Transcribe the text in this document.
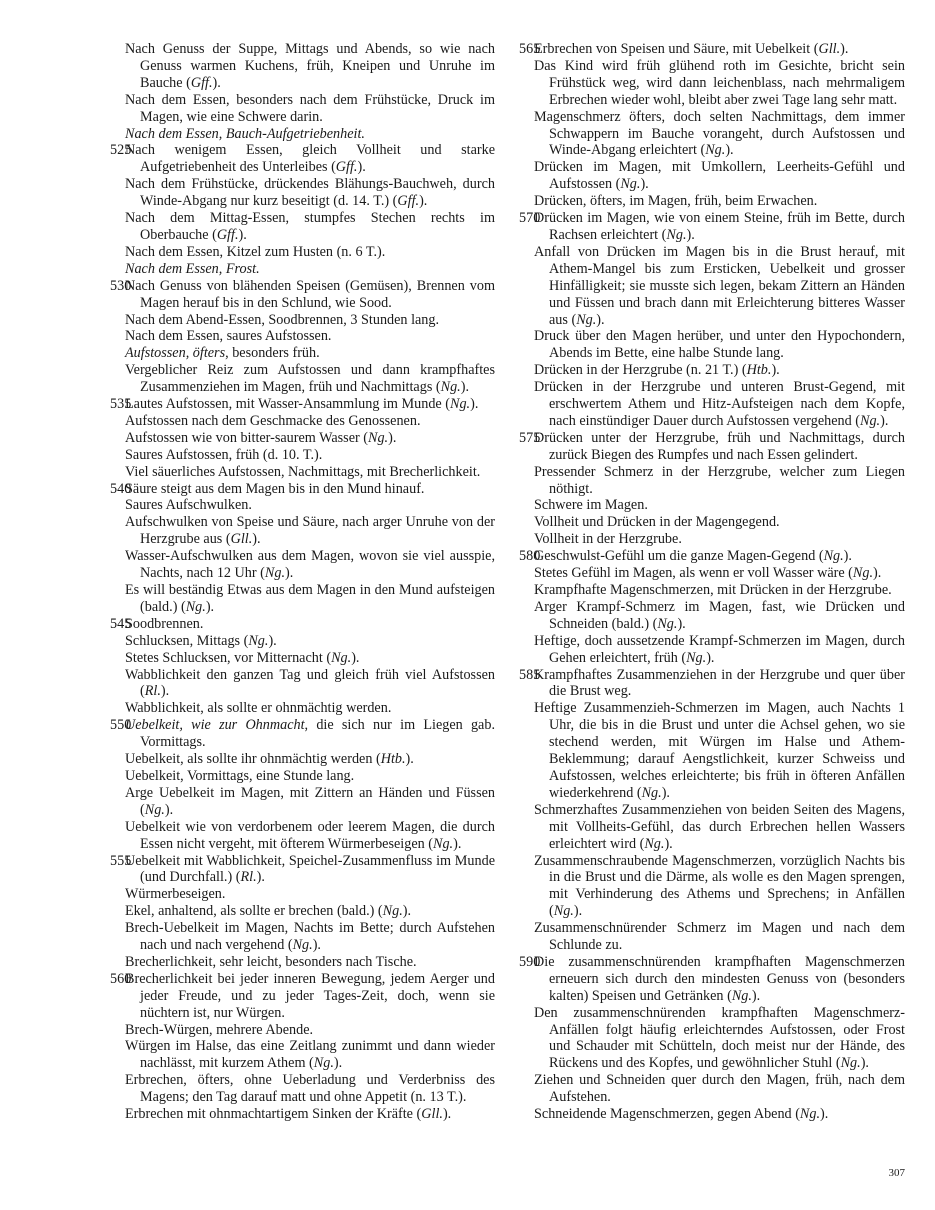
Nach Genuss der Suppe, Mittags und Abends, so wie nach Genuss warmen Kuchens, früh, Kneipen und Unruhe im Bauche (Gff.).
Nach dem Essen, besonders nach dem Frühstücke, Druck im Magen, wie eine Schwere darin.
Nach dem Essen, Bauch-Aufgetriebenheit.
525
Nach wenigem Essen, gleich Vollheit und starke Aufgetriebenheit des Unterleibes (Gff.).
Nach dem Frühstücke, drückendes Blähungs-Bauchweh, durch Winde-Abgang nur kurz beseitigt (d. 14. T.) (Gff.).
Nach dem Mittag-Essen, stumpfes Stechen rechts im Oberbauche (Gff.).
Nach dem Essen, Kitzel zum Husten (n. 6 T.).
Nach dem Essen, Frost.
530
Nach Genuss von blähenden Speisen (Gemüsen), Brennen vom Magen herauf bis in den Schlund, wie Sood.
Nach dem Abend-Essen, Soodbrennen, 3 Stunden lang.
Nach dem Essen, saures Aufstossen.
Aufstossen, öfters, besonders früh.
Vergeblicher Reiz zum Aufstossen und dann krampfhaftes Zusammenziehen im Magen, früh und Nachmittags (Ng.).
535
Lautes Aufstossen, mit Wasser-Ansammlung im Munde (Ng.).
Aufstossen nach dem Geschmacke des Genossenen.
Aufstossen wie von bitter-saurem Wasser (Ng.).
Saures Aufstossen, früh (d. 10. T.).
Viel säuerliches Aufstossen, Nachmittags, mit Brecherlichkeit.
540
Säure steigt aus dem Magen bis in den Mund hinauf.
Saures Aufschwulken.
Aufschwulken von Speise und Säure, nach arger Unruhe von der Herzgrube aus (Gll.).
Wasser-Aufschwulken aus dem Magen, wovon sie viel ausspie, Nachts, nach 12 Uhr (Ng.).
Es will beständig Etwas aus dem Magen in den Mund aufsteigen (bald.) (Ng.).
545
Soodbrennen.
Schlucksen, Mittags (Ng.).
Stetes Schlucksen, vor Mitternacht (Ng.).
Wabblichkeit den ganzen Tag und gleich früh viel Aufstossen (Rl.).
Wabblichkeit, als sollte er ohnmächtig werden.
550
Uebelkeit, wie zur Ohnmacht, die sich nur im Liegen gab. Vormittags.
Uebelkeit, als sollte ihr ohnmächtig werden (Htb.).
Uebelkeit, Vormittags, eine Stunde lang.
Arge Uebelkeit im Magen, mit Zittern an Händen und Füssen (Ng.).
Uebelkeit wie von verdorbenem oder leerem Magen, die durch Essen nicht vergeht, mit öfterem Würmerbeseigen (Ng.).
555
Uebelkeit mit Wabblichkeit, Speichel-Zusammenfluss im Munde (und Durchfall.) (Rl.).
Würmerbeseigen.
Ekel, anhaltend, als sollte er brechen (bald.) (Ng.).
Brech-Uebelkeit im Magen, Nachts im Bette; durch Aufstehen nach und nach vergehend (Ng.).
Brecherlichkeit, sehr leicht, besonders nach Tische.
560
Brecherlichkeit bei jeder inneren Bewegung, jedem Aerger und jeder Freude, und zu jeder Tages-Zeit, doch, wenn sie nüchtern ist, nur Würgen.
Brech-Würgen, mehrere Abende.
Würgen im Halse, das eine Zeitlang zunimmt und dann wieder nachlässt, mit kurzem Athem (Ng.).
Erbrechen, öfters, ohne Ueberladung und Verderbniss des Magens; den Tag darauf matt und ohne Appetit (n. 13 T.).
Erbrechen mit ohnmachtartigem Sinken der Kräfte (Gll.).
565
Erbrechen von Speisen und Säure, mit Uebelkeit (Gll.).
Das Kind wird früh glühend roth im Gesichte, bricht sein Frühstück weg, wird dann leichenblass, nach mehrmaligem Erbrechen wieder wohl, bleibt aber zwei Tage lang sehr matt.
Magenschmerz öfters, doch selten Nachmittags, dem immer Schwappern im Bauche vorangeht, durch Aufstossen und Winde-Abgang erleichtert (Ng.).
Drücken im Magen, mit Umkollern, Leerheits-Gefühl und Aufstossen (Ng.).
Drücken, öfters, im Magen, früh, beim Erwachen.
570
Drücken im Magen, wie von einem Steine, früh im Bette, durch Rachsen erleichtert (Ng.).
Anfall von Drücken im Magen bis in die Brust herauf, mit Athem-Mangel bis zum Ersticken, Uebelkeit und grosser Hinfälligkeit; sie musste sich legen, bekam Zittern an Händen und Füssen und brach dann mit Erleichterung bitteres Wasser aus (Ng.).
Druck über den Magen herüber, und unter den Hypochondern, Abends im Bette, eine halbe Stunde lang.
Drücken in der Herzgrube (n. 21 T.) (Htb.).
Drücken in der Herzgrube und unteren Brust-Gegend, mit erschwertem Athem und Hitz-Aufsteigen nach dem Kopfe, nach einstündiger Dauer durch Aufstossen vergehend (Ng.).
575
Drücken unter der Herzgrube, früh und Nachmittags, durch zurück Biegen des Rumpfes und nach Essen gelindert.
Pressender Schmerz in der Herzgrube, welcher zum Liegen nöthigt.
Schwere im Magen.
Vollheit und Drücken in der Magengegend.
Vollheit in der Herzgrube.
580
Geschwulst-Gefühl um die ganze Magen-Gegend (Ng.).
Stetes Gefühl im Magen, als wenn er voll Wasser wäre (Ng.).
Krampfhafte Magenschmerzen, mit Drücken in der Herzgrube.
Arger Krampf-Schmerz im Magen, fast, wie Drücken und Schneiden (bald.) (Ng.).
Heftige, doch aussetzende Krampf-Schmerzen im Magen, durch Gehen erleichtert, früh (Ng.).
585
Krampfhaftes Zusammenziehen in der Herzgrube und quer über die Brust weg.
Heftige Zusammenzieh-Schmerzen im Magen, auch Nachts 1 Uhr, die bis in die Brust und unter die Achsel gehen, wo sie stechend werden, mit Würgen im Halse und Athem-Beklemmung; darauf Aengstlichkeit, kurzer Schweiss und Aufstossen, welches erleichterte; bis früh in öfteren Anfällen wiederkehrend (Ng.).
Schmerzhaftes Zusammenziehen von beiden Seiten des Magens, mit Vollheits-Gefühl, das durch Erbrechen hellen Wassers erleichtert wird (Ng.).
Zusammenschraubende Magenschmerzen, vorzüglich Nachts bis in die Brust und die Därme, als wolle es den Magen sprengen, mit Verhinderung des Athems und Sprechens; in Anfällen (Ng.).
Zusammenschnürender Schmerz im Magen und nach dem Schlunde zu.
590
Die zusammenschnürenden krampfhaften Magenschmerzen erneuern sich durch den mindesten Genuss von (besonders kalten) Speisen und Getränken (Ng.).
Den zusammenschnürenden krampfhaften Magenschmerz-Anfällen folgt häufig erleichterndes Aufstossen, oder Frost und Schauder mit Schütteln, doch meist nur der Hände, des Rückens und des Kopfes, und gewöhnlicher Stuhl (Ng.).
Ziehen und Schneiden quer durch den Magen, früh, nach dem Aufstehen.
Schneidende Magenschmerzen, gegen Abend (Ng.).
307
